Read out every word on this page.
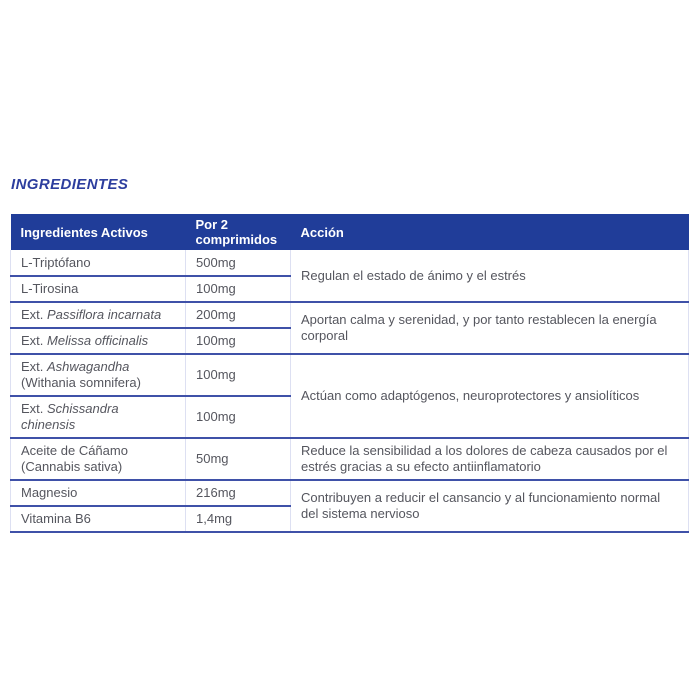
INGREDIENTES
Ingredientes Activos	Por 2 comprimidos	Acción
L-Triptófano	500mg	Regulan el estado de ánimo y el estrés
L-Tirosina	100mg	
Ext. Passiflora incarnata	200mg	Aportan calma y serenidad, y por tanto restablecen la energía corporal
Ext. Melissa officinalis	100mg	
Ext. Ashwagandha (Withania somnifera)	100mg	Actúan como adaptógenos, neuroprotectores y ansiolíticos
Ext. Schissandra chinensis	100mg	
Aceite de Cáñamo (Cannabis sativa)	50mg	Reduce la sensibilidad a los dolores de cabeza causados por el estrés gracias a su efecto antiinflamatorio
Magnesio	216mg	Contribuyen a reducir el cansancio y al funcionamiento normal del sistema nervioso
Vitamina B6	1,4mg	
